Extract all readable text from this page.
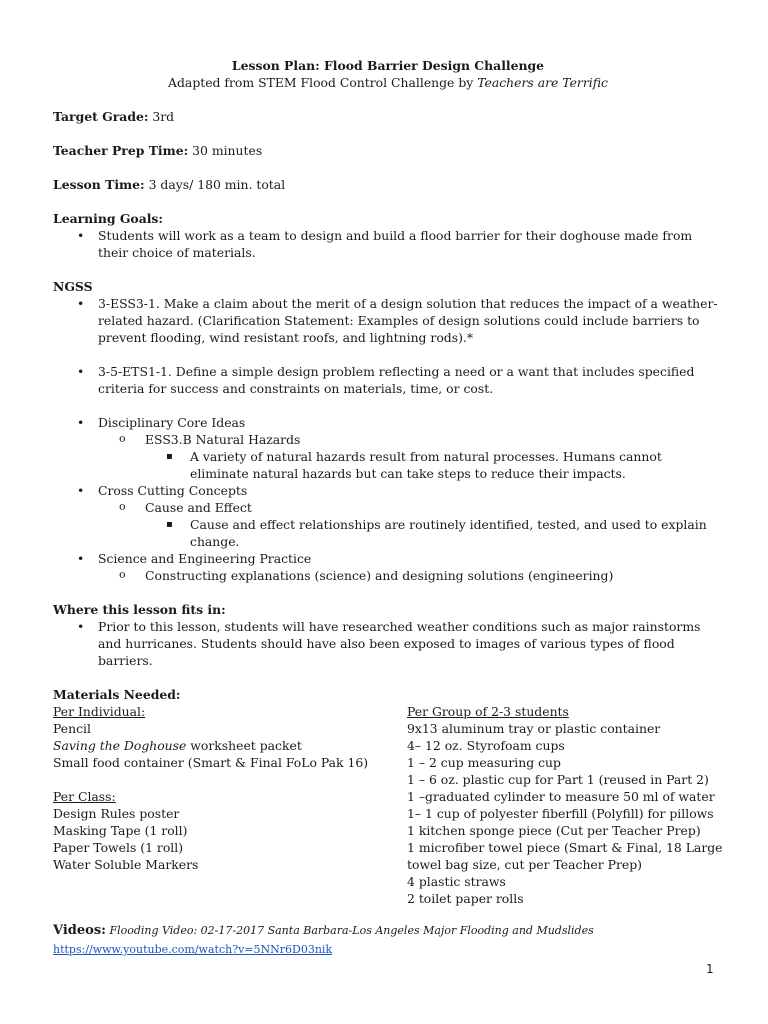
Lesson Plan: Flood Barrier Design Challenge

Adapted from STEM Flood Control Challenge by Teachers are Terrific

Target Grade: 3rd

Teacher Prep Time: 30 minutes

Lesson Time: 3 days/ 180 min. total

Learning Goals:

• Students will work as a team to design and build a flood barrier for their doghouse made from their choice of materials.

NGSS

• 3-ESS3-1. Make a claim about the merit of a design solution that reduces the impact of a weather-related hazard. (Clarification Statement: Examples of design solutions could include barriers to prevent flooding, wind resistant roofs, and lightning rods).*

• 3-5-ETS1-1. Define a simple design problem reflecting a need or a want that includes specified criteria for success and constraints on materials, time, or cost.

• Disciplinary Core Ideas

o ESS3.B Natural Hazards

▪ A variety of natural hazards result from natural processes. Humans cannot eliminate natural hazards but can take steps to reduce their impacts.

• Cross Cutting Concepts

o Cause and Effect

▪ Cause and effect relationships are routinely identified, tested, and used to explain change.

• Science and Engineering Practice

o Constructing explanations (science) and designing solutions (engineering)

Where this lesson fits in:

• Prior to this lesson, students will have researched weather conditions such as major rainstorms and hurricanes. Students should have also been exposed to images of various types of flood barriers.

Materials Needed:

Per Individual:

Pencil

Saving the Doghouse worksheet packet

Small food container (Smart & Final FoLo Pak 16)

Per Class:

Design Rules poster

Masking Tape (1 roll)

Paper Towels (1 roll)

Water Soluble Markers

Per Group of 2-3 students

9x13 aluminum tray or plastic container

4– 12 oz. Styrofoam cups

1 – 2 cup measuring cup

1 – 6 oz. plastic cup for Part 1 (reused in Part 2)

1 –graduated cylinder to measure 50 ml of water

1– 1 cup of polyester fiberfill (Polyfill) for pillows

1 kitchen sponge piece (Cut per Teacher Prep)

1 microfiber towel piece (Smart & Final, 18 Large towel bag size, cut per Teacher Prep)

4 plastic straws

2 toilet paper rolls

Videos: Flooding Video: 02-17-2017 Santa Barbara-Los Angeles Major Flooding and Mudslides https://www.youtube.com/watch?v=5NNr6D03nik

1
